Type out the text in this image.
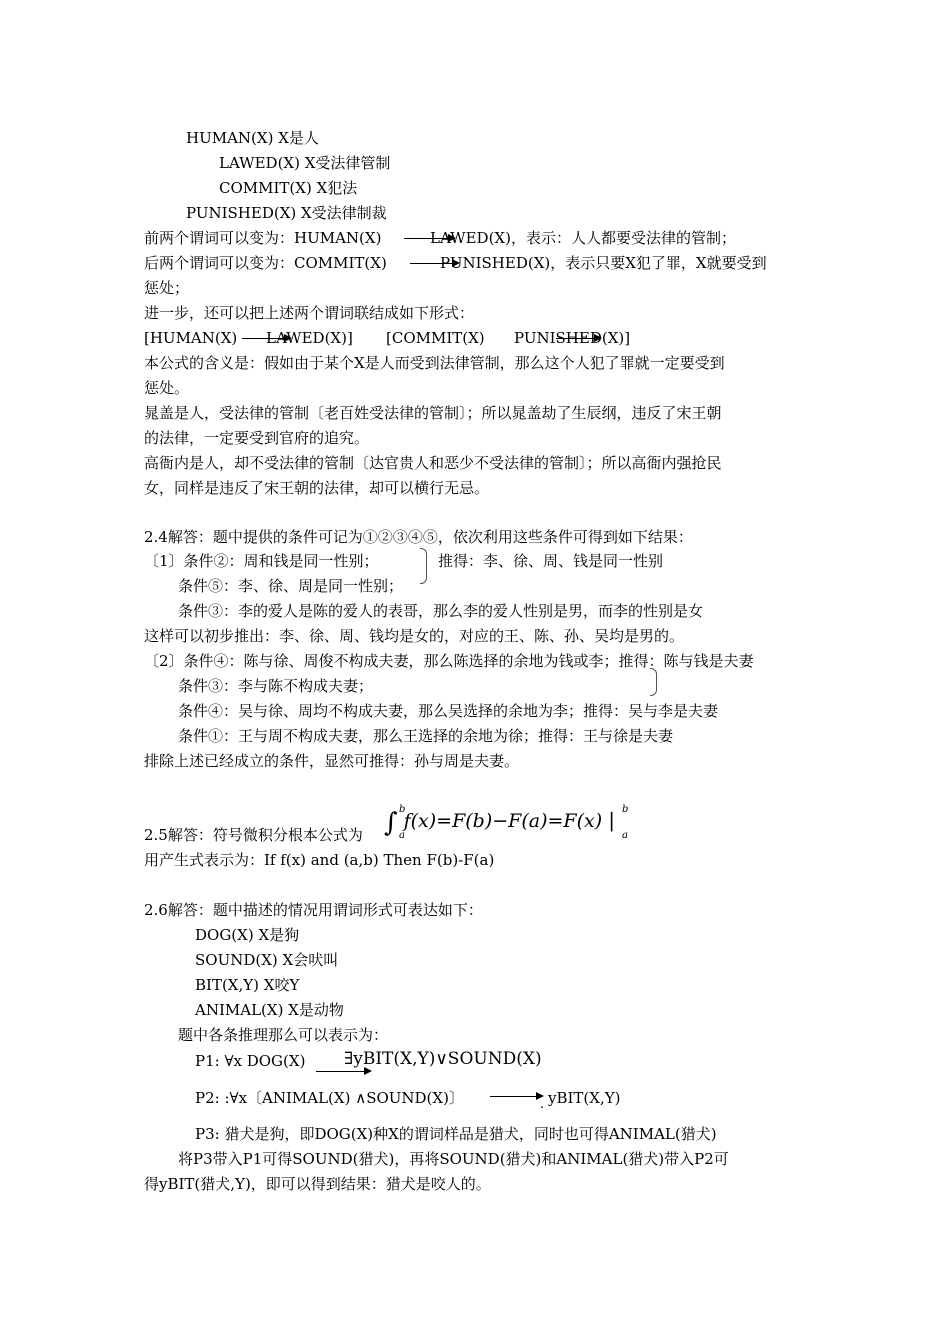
HUMAN(X) X是人
LAWED(X) X受法律管制
COMMIT(X) X犯法
PUNISHED(X) X受法律制裁
前两个谓词可以变为：HUMAN(X)	LAWED(X)，表示：人人都要受法律的管制；
后两个谓词可以变为：COMMIT(X)	PUNISHED(X)，表示只要X犯了罪，X就要受到
惩处；
进一步，还可以把上述两个谓词联结成如下形式：
[HUMAN(X) LAWED(X)] [COMMIT(X) PUNISHED(X)]
本公式的含义是：假如由于某个X是人而受到法律管制，那么这个人犯了罪就一定要受到
惩处。
晁盖是人，受法律的管制〔老百姓受法律的管制〕；所以晁盖劫了生辰纲，违反了宋王朝
的法律，一定要受到官府的追究。
高衙内是人，却不受法律的管制〔达官贵人和恶少不受法律的管制〕；所以高衙内强抢民
女，同样是违反了宋王朝的法律，却可以横行无忌。
2.4解答：题中提供的条件可记为①②③④⑤，依次利用这些条件可得到如下结果：
〔1〕条件②：周和钱是同一性别；	推得：李、徐、周、钱是同一性别
条件⑤：李、徐、周是同一性别；
条件③：李的爱人是陈的爱人的表哥，那么李的爱人性别是男，而李的性别是女
这样可以初步推出：李、徐、周、钱均是女的，对应的王、陈、孙、吴均是男的。
〔2〕条件④：陈与徐、周俊不构成夫妻，那么陈选择的余地为钱或李；推得：陈与钱是夫妻
条件③：李与陈不构成夫妻；
条件④：吴与徐、周均不构成夫妻，那么吴选择的余地为李；推得：吴与李是夫妻
条件①：王与周不构成夫妻，那么王选择的余地为徐；推得：王与徐是夫妻
排除上述已经成立的条件，显然可推得：孙与周是夫妻。
2.5解答：符号微积分根本公式为 ∫ b
a
f(x)=F(b)−F(a)=F(x) | b
a
用产生式表示为：If f(x) and (a,b) Then F(b)-F(a)
2.6解答：题中描述的情况用谓词形式可表达如下：
DOG(X) X是狗
SOUND(X) X会吠叫
BIT(X,Y) X咬Y
ANIMAL(X) X是动物
题中各条推理那么可以表示为：
P1: ∀x DOG(X) ∃yBIT(X,Y)∨SOUND(X)
P2: :∀x〔ANIMAL(X) ∧SOUND(X)〕	. yBIT(X,Y)
P3: 猎犬是狗，即DOG(X)种X的谓词样品是猎犬，同时也可得ANIMAL(猎犬)
将P3带入P1可得SOUND(猎犬)，再将SOUND(猎犬)和ANIMAL(猎犬)带入P2可
得yBIT(猎犬,Y)，即可以得到结果：猎犬是咬人的。
